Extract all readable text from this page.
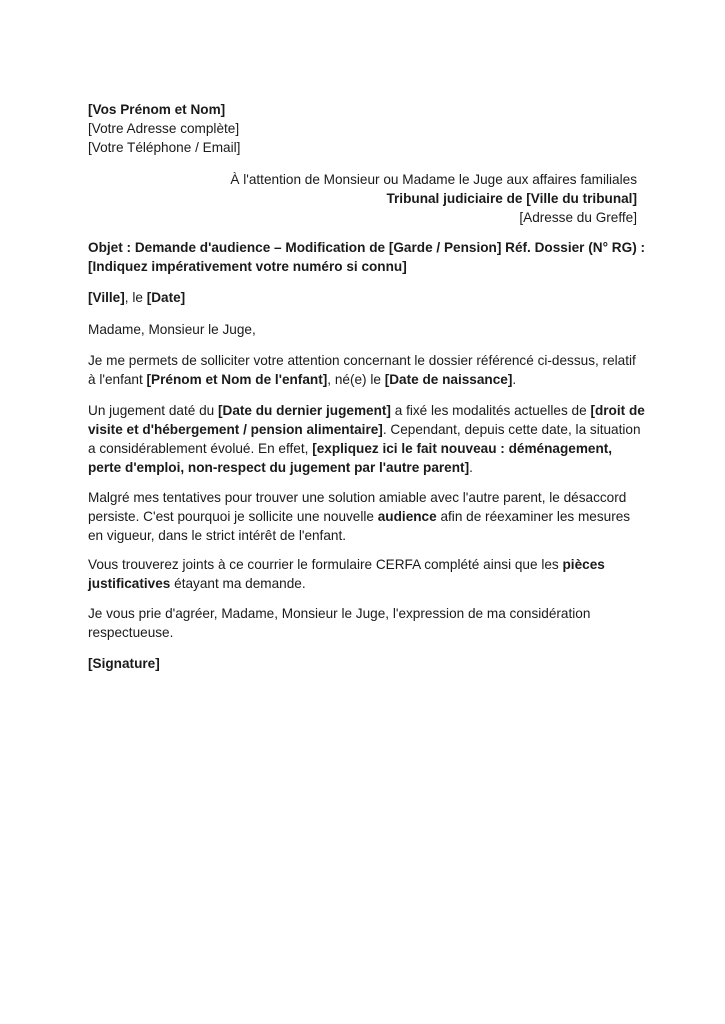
[Vos Prénom et Nom]
[Votre Adresse complète]
[Votre Téléphone / Email]
À l'attention de Monsieur ou Madame le Juge aux affaires familiales
Tribunal judiciaire de [Ville du tribunal]
[Adresse du Greffe]
Objet : Demande d'audience – Modification de [Garde / Pension] Réf. Dossier (N° RG) :
[Indiquez impérativement votre numéro si connu]
[Ville], le [Date]
Madame, Monsieur le Juge,
Je me permets de solliciter votre attention concernant le dossier référencé ci-dessus, relatif
à l'enfant [Prénom et Nom de l'enfant], né(e) le [Date de naissance].
Un jugement daté du [Date du dernier jugement] a fixé les modalités actuelles de [droit de
visite et d'hébergement / pension alimentaire]. Cependant, depuis cette date, la situation
a considérablement évolué. En effet, [expliquez ici le fait nouveau : déménagement,
perte d'emploi, non-respect du jugement par l'autre parent].
Malgré mes tentatives pour trouver une solution amiable avec l'autre parent, le désaccord
persiste. C'est pourquoi je sollicite une nouvelle audience afin de réexaminer les mesures
en vigueur, dans le strict intérêt de l'enfant.
Vous trouverez joints à ce courrier le formulaire CERFA complété ainsi que les pièces
justificatives étayant ma demande.
Je vous prie d'agréer, Madame, Monsieur le Juge, l'expression de ma considération
respectueuse.
[Signature]
